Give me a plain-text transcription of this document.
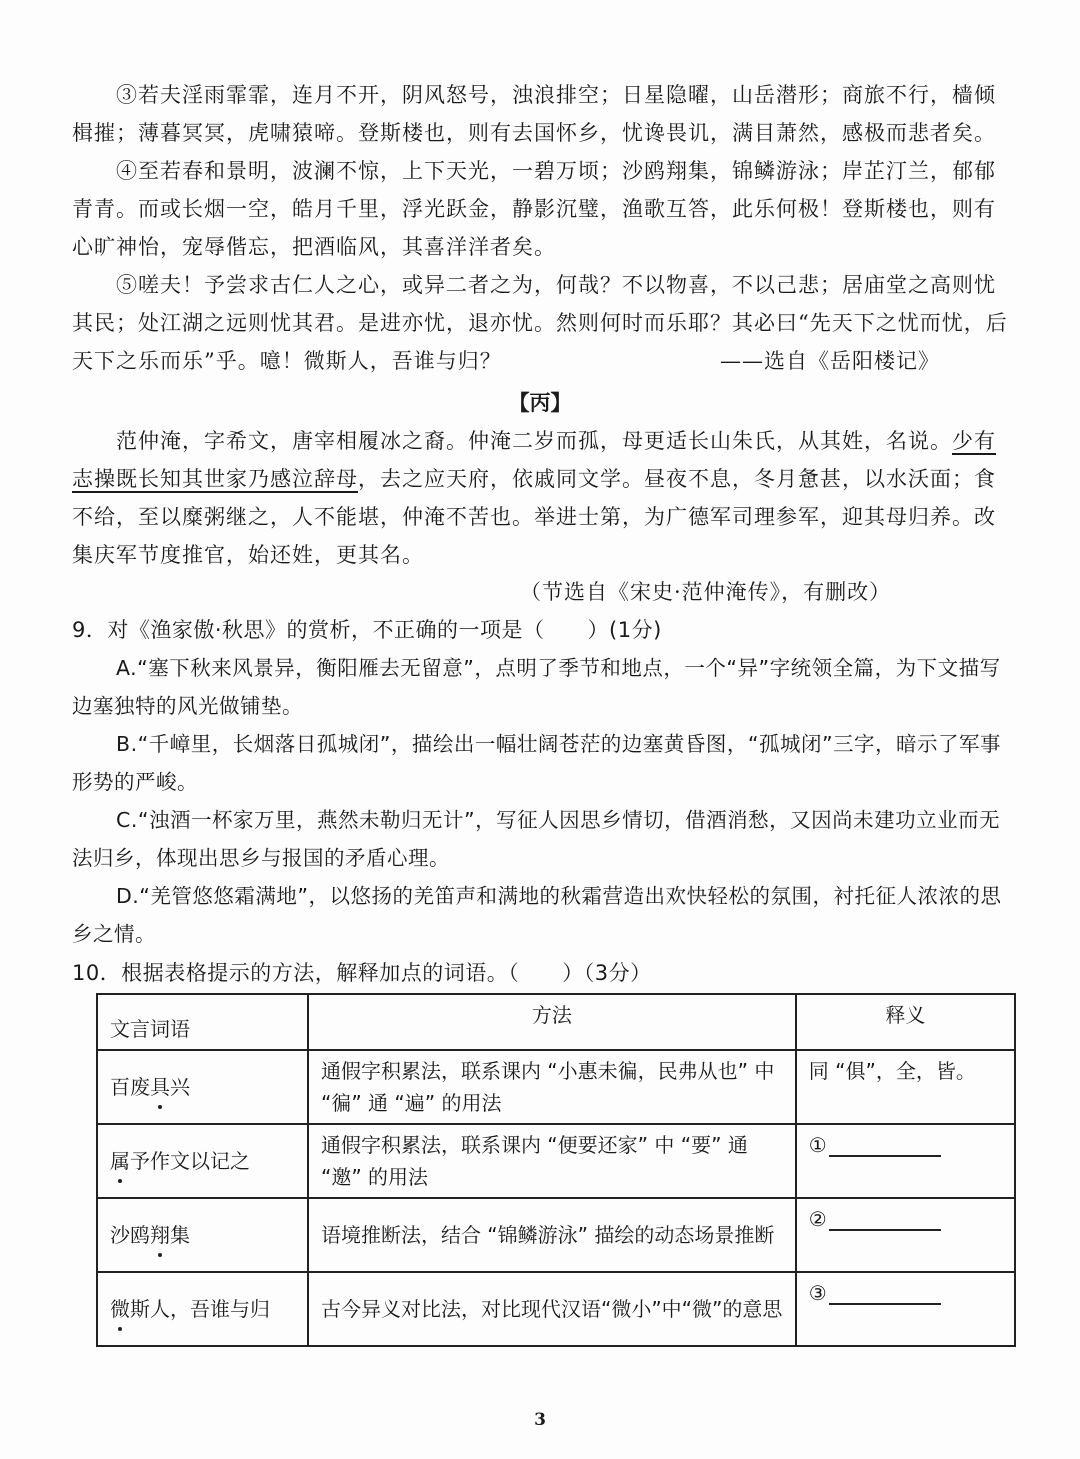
③若夫淫雨霏霏，连月不开，阴风怒号，浊浪排空；日星隐曜，山岳潜形；商旅不行，樯倾楫摧；薄暮冥冥，虎啸猿啼。登斯楼也，则有去国怀乡，忧谗畏讥，满目萧然，感极而悲者矣。

④至若春和景明，波澜不惊，上下天光，一碧万顷；沙鸥翔集，锦鳞游泳；岸芷汀兰，郁郁青青。而或长烟一空，皓月千里，浮光跃金，静影沉璧，渔歌互答，此乐何极！登斯楼也，则有心旷神怡，宠辱偕忘，把酒临风，其喜洋洋者矣。

⑤嗟夫！予尝求古仁人之心，或异二者之为，何哉？不以物喜，不以己悲；居庙堂之高则忧其民；处江湖之远则忧其君。是进亦忧，退亦忧。然则何时而乐耶？其必曰“先天下之忧而忧，后天下之乐而乐”乎。噫！微斯人，吾谁与归？	——选自《岳阳楼记》
【丙】

范仲淹，字希文，唐宰相履冰之裔。仲淹二岁而孤，母更适长山朱氏，从其姓，名说。少有志操既长知其世家乃感泣辞母，去之应天府，依戚同文学。昼夜不息，冬月惫甚，以水沃面；食不给，至以糜粥继之，人不能堪，仲淹不苦也。举进士第，为广德军司理参军，迎其母归养。改集庆军节度推官，始还姓，更其名。

（节选自《宋史·范仲淹传》，有删改）
9．对《渔家傲·秋思》的赏析，不正确的一项是（　　）(1分)

A.“塞下秋来风景异，衡阳雁去无留意”，点明了季节和地点，一个“异”字统领全篇，为下文描写边塞独特的风光做铺垫。

B.“千嶂里，长烟落日孤城闭”，描绘出一幅壮阔苍茫的边塞黄昏图，“孤城闭”三字，暗示了军事形势的严峻。

C.“浊酒一杯家万里，燕然未勒归无计”，写征人因思乡情切，借酒消愁，又因尚未建功立业而无法归乡，体现出思乡与报国的矛盾心理。

D.“羌管悠悠霜满地”，以悠扬的羌笛声和满地的秋霜营造出欢快轻松的氛围，衬托征人浓浓的思乡之情。

10．根据表格提示的方法，解释加点的词语。（　　）（3分）
文言词语	方法	释义
百废具兴	通假字积累法，联系课内 “小惠未徧，民弗从也” 中 “徧” 通 “遍” 的用法	同 “俱”，全，皆。
属予作文以记之	通假字积累法，联系课内 “便要还家” 中 “要” 通 “邀” 的用法	①
沙鸥翔集	语境推断法，结合 “锦鳞游泳” 描绘的动态场景推断	②
微斯人，吾谁与归	古今异义对比法，对比现代汉语“微小”中“微”的意思	③
3
